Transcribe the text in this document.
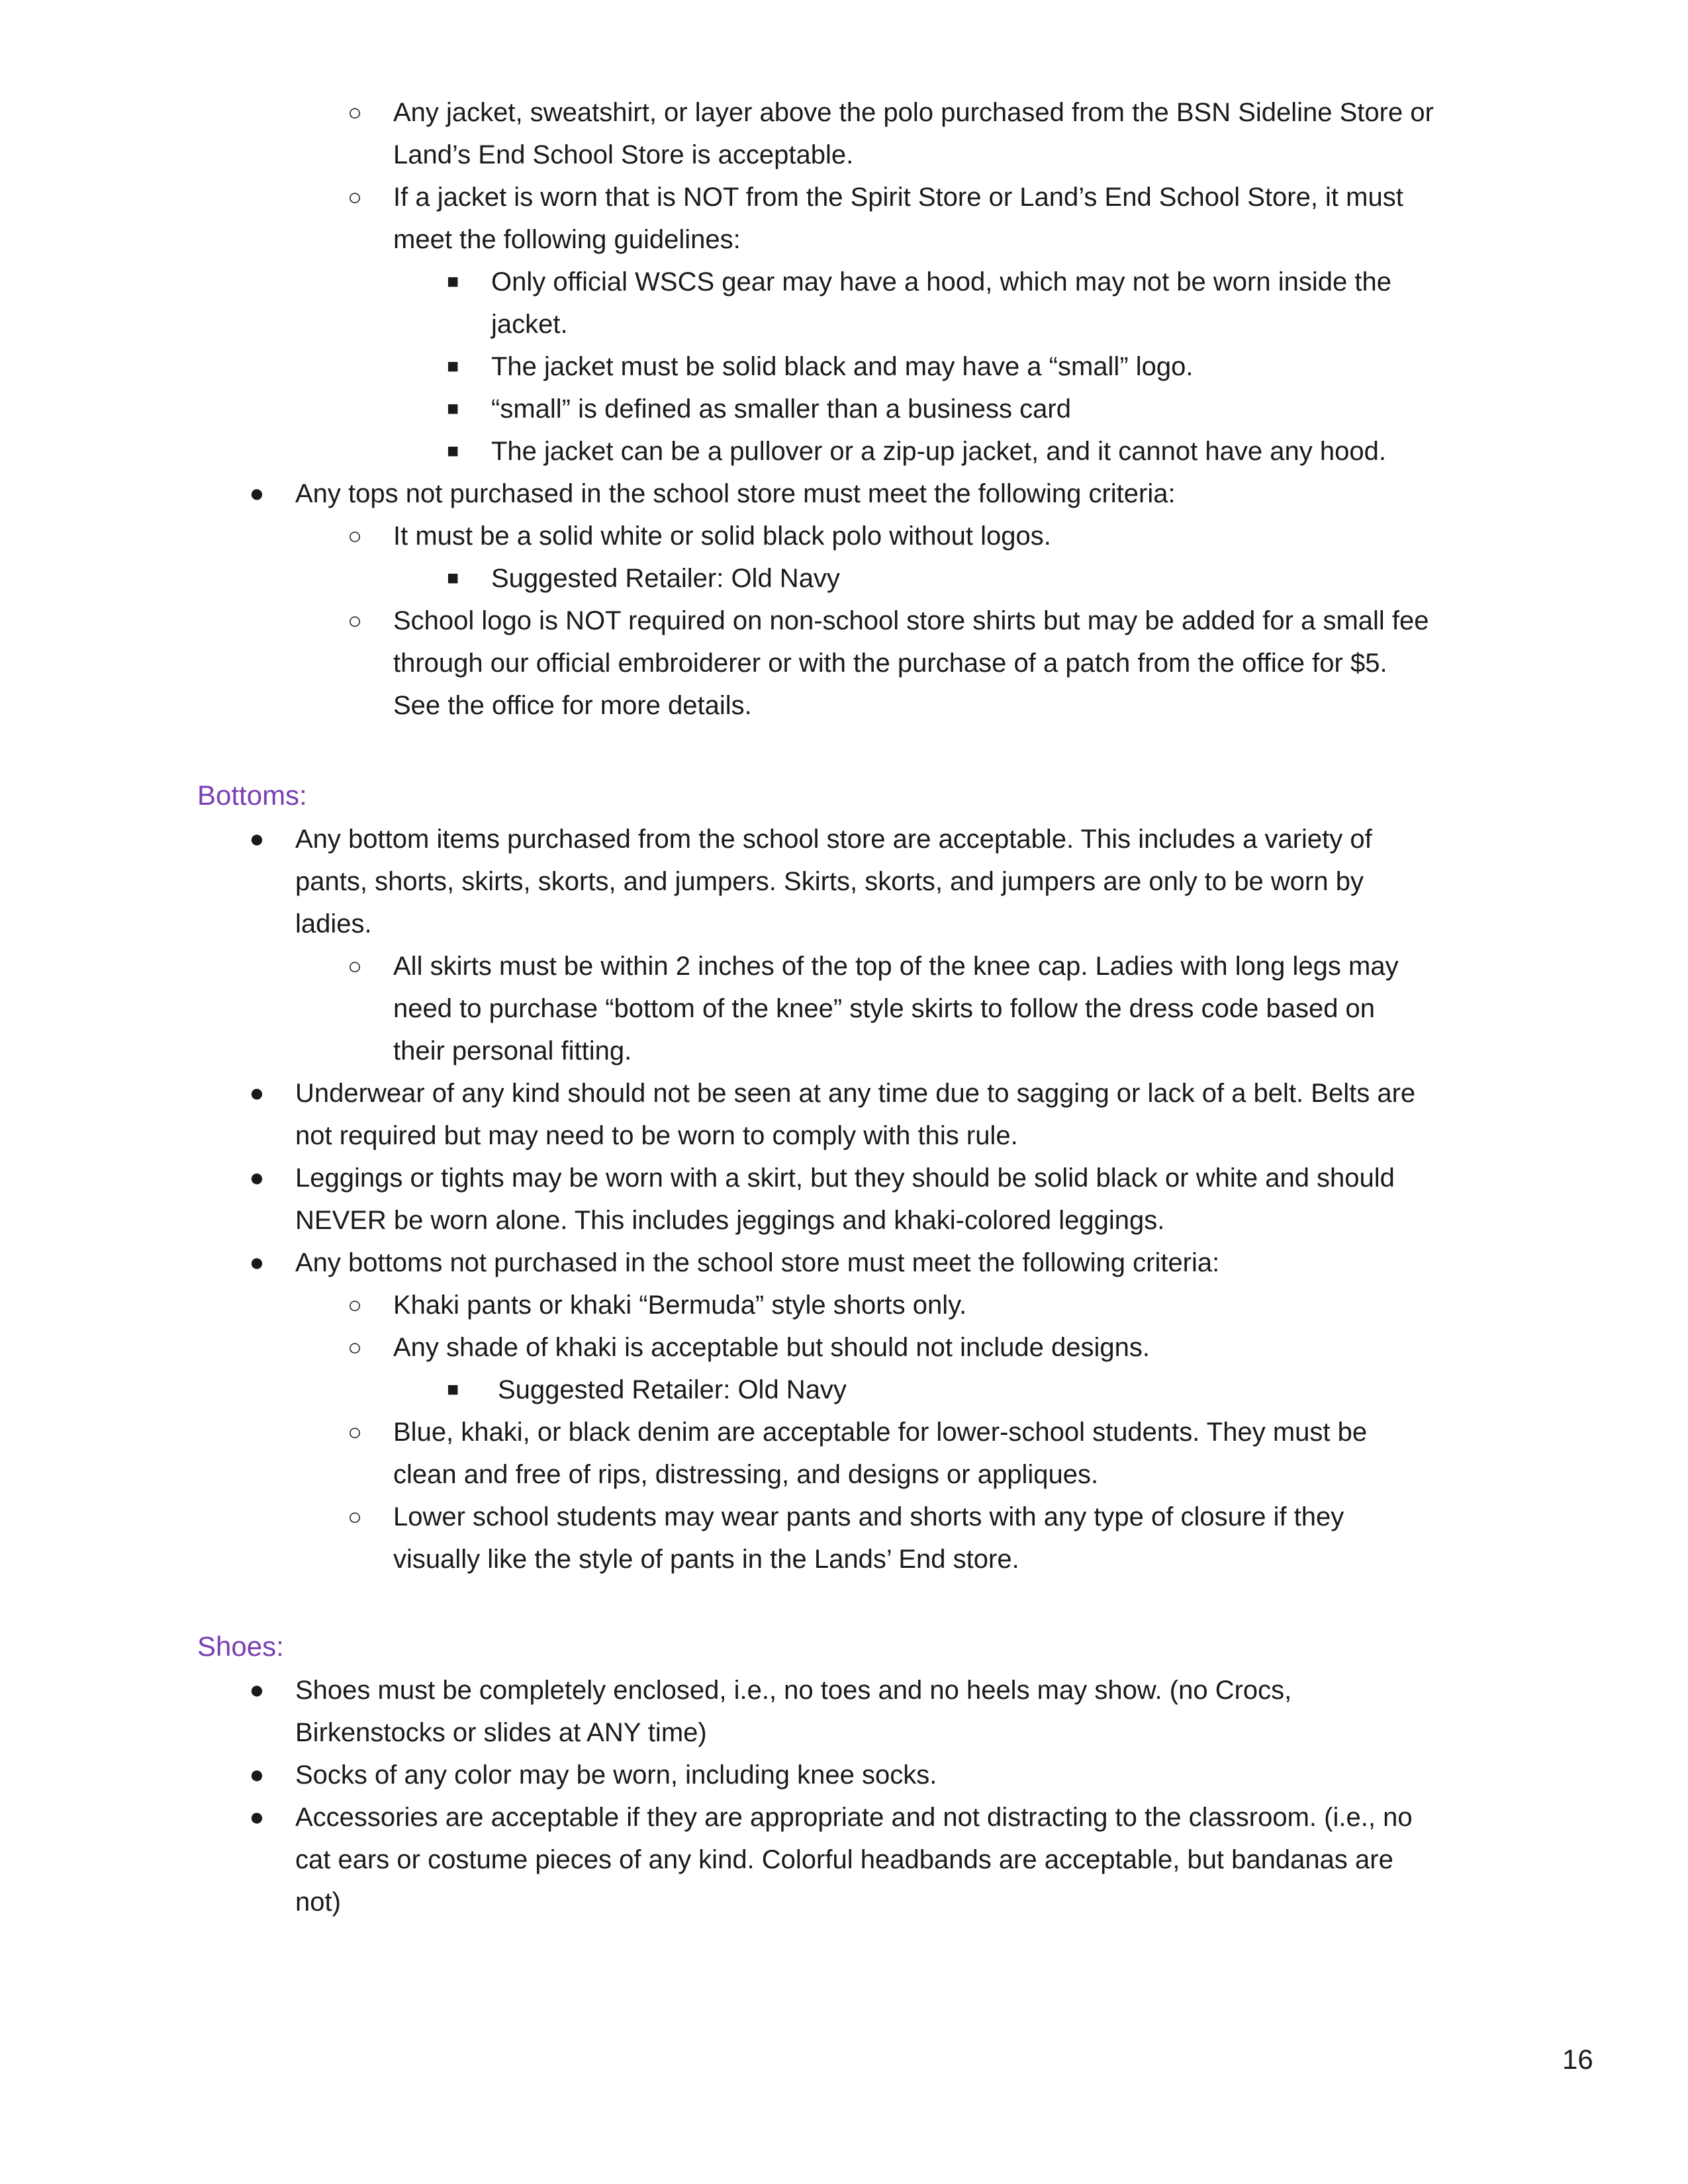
○ Any jacket, sweatshirt, or layer above the polo purchased from the BSN Sideline Store or
Land’s End School Store is acceptable.
○ If a jacket is worn that is NOT from the Spirit Store or Land’s End School Store, it must
meet the following guidelines:
■ Only official WSCS gear may have a hood, which may not be worn inside the
jacket.
■ The jacket must be solid black and may have a “small” logo.
■ “small” is defined as smaller than a business card
■ The jacket can be a pullover or a zip-up jacket, and it cannot have any hood.
● Any tops not purchased in the school store must meet the following criteria:
○ It must be a solid white or solid black polo without logos.
■ Suggested Retailer: Old Navy
○ School logo is NOT required on non-school store shirts but may be added for a small fee
through our official embroiderer or with the purchase of a patch from the office for $5.
See the office for more details.
Bottoms:
● Any bottom items purchased from the school store are acceptable. This includes a variety of
pants, shorts, skirts, skorts, and jumpers. Skirts, skorts, and jumpers are only to be worn by
ladies.
○ All skirts must be within 2 inches of the top of the knee cap. Ladies with long legs may
need to purchase “bottom of the knee” style skirts to follow the dress code based on
their personal fitting.
● Underwear of any kind should not be seen at any time due to sagging or lack of a belt. Belts are
not required but may need to be worn to comply with this rule.
● Leggings or tights may be worn with a skirt, but they should be solid black or white and should
NEVER be worn alone. This includes jeggings and khaki-colored leggings.
● Any bottoms not purchased in the school store must meet the following criteria:
○ Khaki pants or khaki “Bermuda” style shorts only.
○ Any shade of khaki is acceptable but should not include designs.
■ Suggested Retailer: Old Navy
○ Blue, khaki, or black denim are acceptable for lower-school students. They must be
clean and free of rips, distressing, and designs or appliques.
○ Lower school students may wear pants and shorts with any type of closure if they
visually like the style of pants in the Lands’ End store.
Shoes:
● Shoes must be completely enclosed, i.e., no toes and no heels may show. (no Crocs,
Birkenstocks or slides at ANY time)
● Socks of any color may be worn, including knee socks.
● Accessories are acceptable if they are appropriate and not distracting to the classroom. (i.e., no
cat ears or costume pieces of any kind. Colorful headbands are acceptable, but bandanas are
not)
16
